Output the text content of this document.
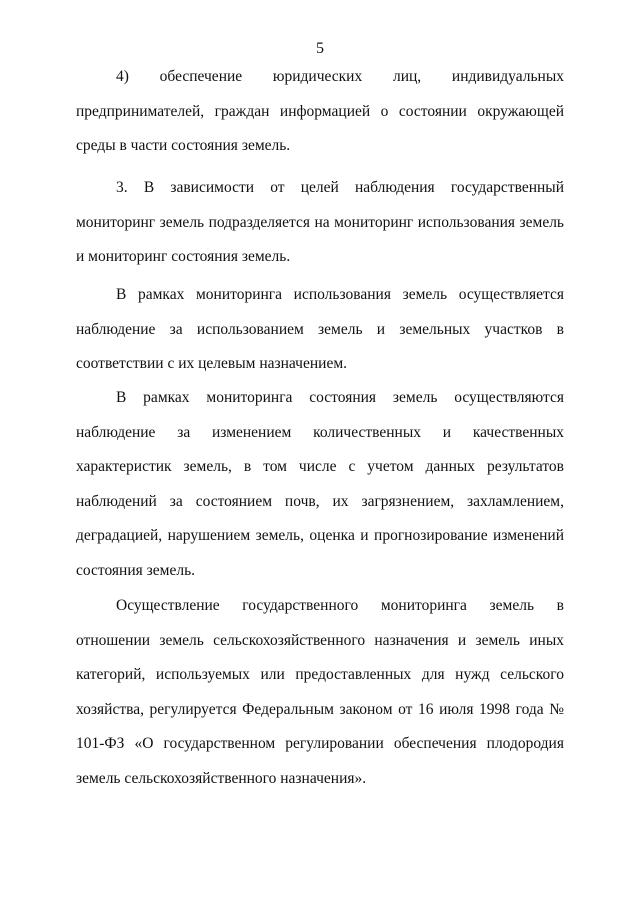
5

4) обеспечение юридических лиц, индивидуальных предпринимателей, граждан информацией о состоянии окружающей среды в части состояния земель.

3. В зависимости от целей наблюдения государственный мониторинг земель подразделяется на мониторинг использования земель и мониторинг состояния земель.

В рамках мониторинга использования земель осуществляется наблюдение за использованием земель и земельных участков в соответствии с их целевым назначением.

В рамках мониторинга состояния земель осуществляются наблюдение за изменением количественных и качественных характеристик земель, в том числе с учетом данных результатов наблюдений за состоянием почв, их загрязнением, захламлением, деградацией, нарушением земель, оценка и прогнозирование изменений состояния земель.

Осуществление государственного мониторинга земель в отношении земель сельскохозяйственного назначения и земель иных категорий, используемых или предоставленных для нужд сельского хозяйства, регулируется Федеральным законом от 16 июля 1998 года № 101-ФЗ «О государственном регулировании обеспечения плодородия земель сельскохозяйственного назначения».
